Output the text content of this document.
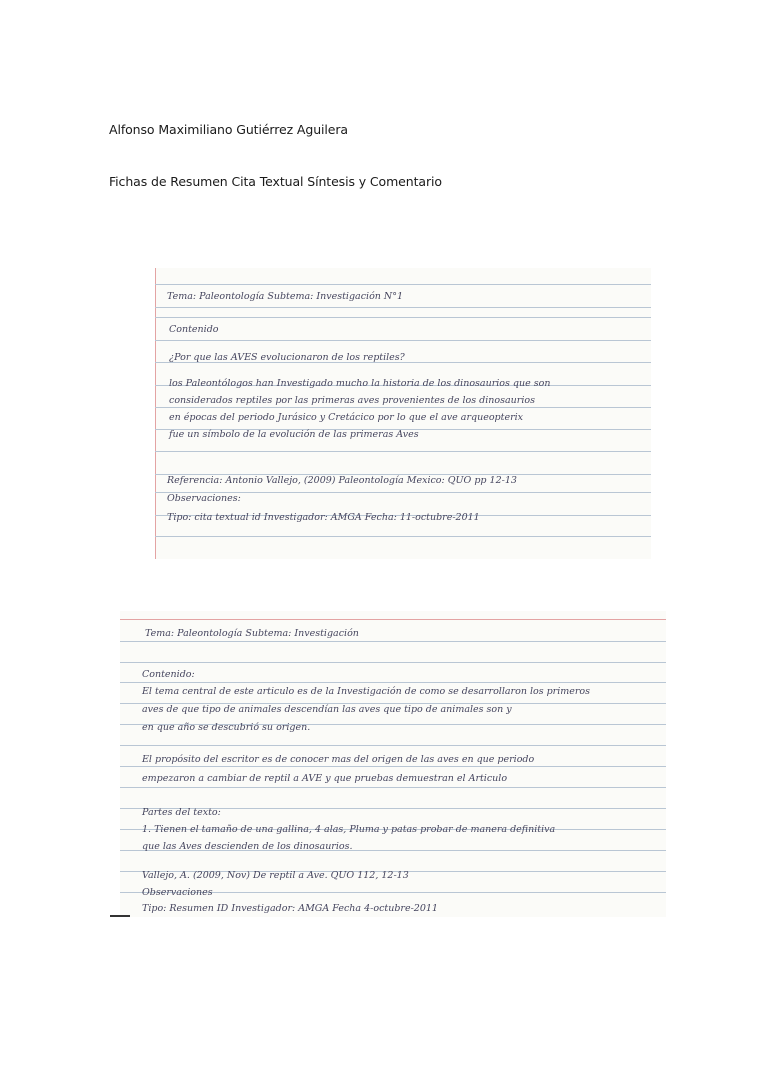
Alfonso Maximiliano Gutiérrez Aguilera
Fichas de Resumen Cita Textual Síntesis y Comentario
Tema: Paleontología Subtema: Investigación N°1
Contenido
¿Por que las AVES evolucionaron de los reptiles?
los Paleontólogos han Investigado mucho la historia de los dinosaurios que son
considerados reptiles por las primeras aves provenientes de los dinosaurios
en épocas del periodo Jurásico y Cretácico por lo que el ave arqueopterix
fue un símbolo de la evolución de las primeras Aves
Referencia: Antonio Vallejo, (2009) Paleontología Mexico: QUO pp 12-13
Observaciones:
Tipo: cita textual id Investigador: AMGA Fecha: 11-octubre-2011
Tema: Paleontología Subtema: Investigación
Contenido:
El tema central de este articulo es de la Investigación de como se desarrollaron los primeros
aves de que tipo de animales descendían las aves que tipo de animales son y
en que año se descubrió su origen.
El propósito del escritor es de conocer mas del origen de las aves en que periodo
empezaron a cambiar de reptil a AVE y que pruebas demuestran el Articulo
Partes del texto:
1. Tienen el tamaño de una gallina, 4 alas, Pluma y patas probar de manera definitiva
que las Aves descienden de los dinosaurios.
Vallejo, A. (2009, Nov) De reptil a Ave. QUO 112, 12-13
Observaciones
Tipo: Resumen ID Investigador: AMGA Fecha 4-octubre-2011
